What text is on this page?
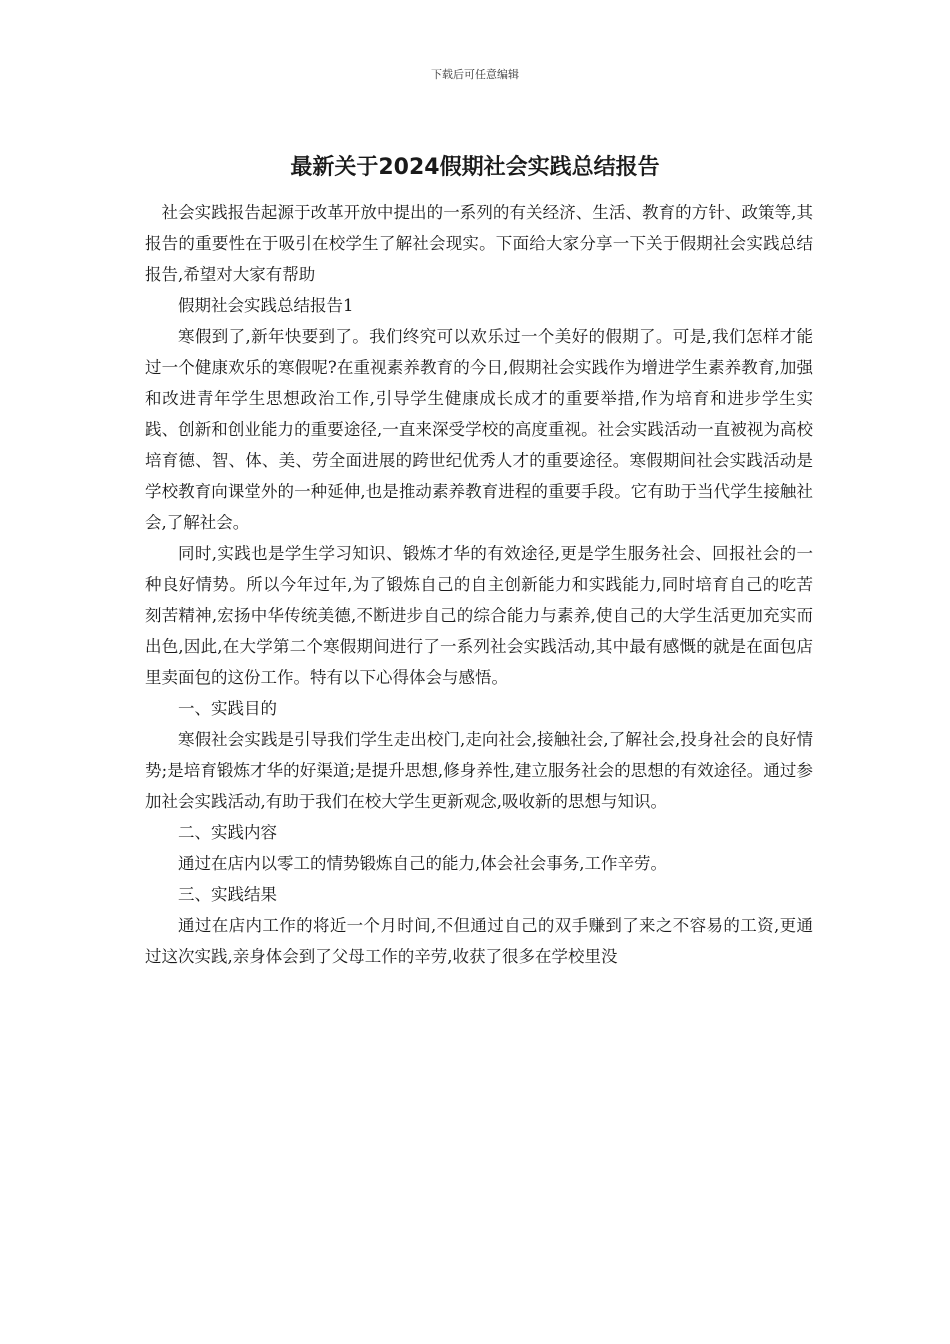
下载后可任意编辑
最新关于2024假期社会实践总结报告

社会实践报告起源于改革开放中提出的一系列的有关经济、生活、教育的方针、政策等,其报告的重要性在于吸引在校学生了解社会现实。下面给大家分享一下关于假期社会实践总结报告,希望对大家有帮助

假期社会实践总结报告1

寒假到了,新年快要到了。我们终究可以欢乐过一个美好的假期了。可是,我们怎样才能过一个健康欢乐的寒假呢?在重视素养教育的今日,假期社会实践作为增进学生素养教育,加强和改进青年学生思想政治工作,引导学生健康成长成才的重要举措,作为培育和进步学生实践、创新和创业能力的重要途径,一直来深受学校的高度重视。社会实践活动一直被视为高校培育德、智、体、美、劳全面进展的跨世纪优秀人才的重要途径。寒假期间社会实践活动是学校教育向课堂外的一种延伸,也是推动素养教育进程的重要手段。它有助于当代学生接触社会,了解社会。

同时,实践也是学生学习知识、锻炼才华的有效途径,更是学生服务社会、回报社会的一种良好情势。所以今年过年,为了锻炼自己的自主创新能力和实践能力,同时培育自己的吃苦刻苦精神,宏扬中华传统美德,不断进步自己的综合能力与素养,使自己的大学生活更加充实而出色,因此,在大学第二个寒假期间进行了一系列社会实践活动,其中最有感慨的就是在面包店里卖面包的这份工作。特有以下心得体会与感悟。

一、实践目的

寒假社会实践是引导我们学生走出校门,走向社会,接触社会,了解社会,投身社会的良好情势;是培育锻炼才华的好渠道;是提升思想,修身养性,建立服务社会的思想的有效途径。通过参加社会实践活动,有助于我们在校大学生更新观念,吸收新的思想与知识。

二、实践内容

通过在店内以零工的情势锻炼自己的能力,体会社会事务,工作辛劳。

三、实践结果

通过在店内工作的将近一个月时间,不但通过自己的双手赚到了来之不容易的工资,更通过这次实践,亲身体会到了父母工作的辛劳,收获了很多在学校里没
